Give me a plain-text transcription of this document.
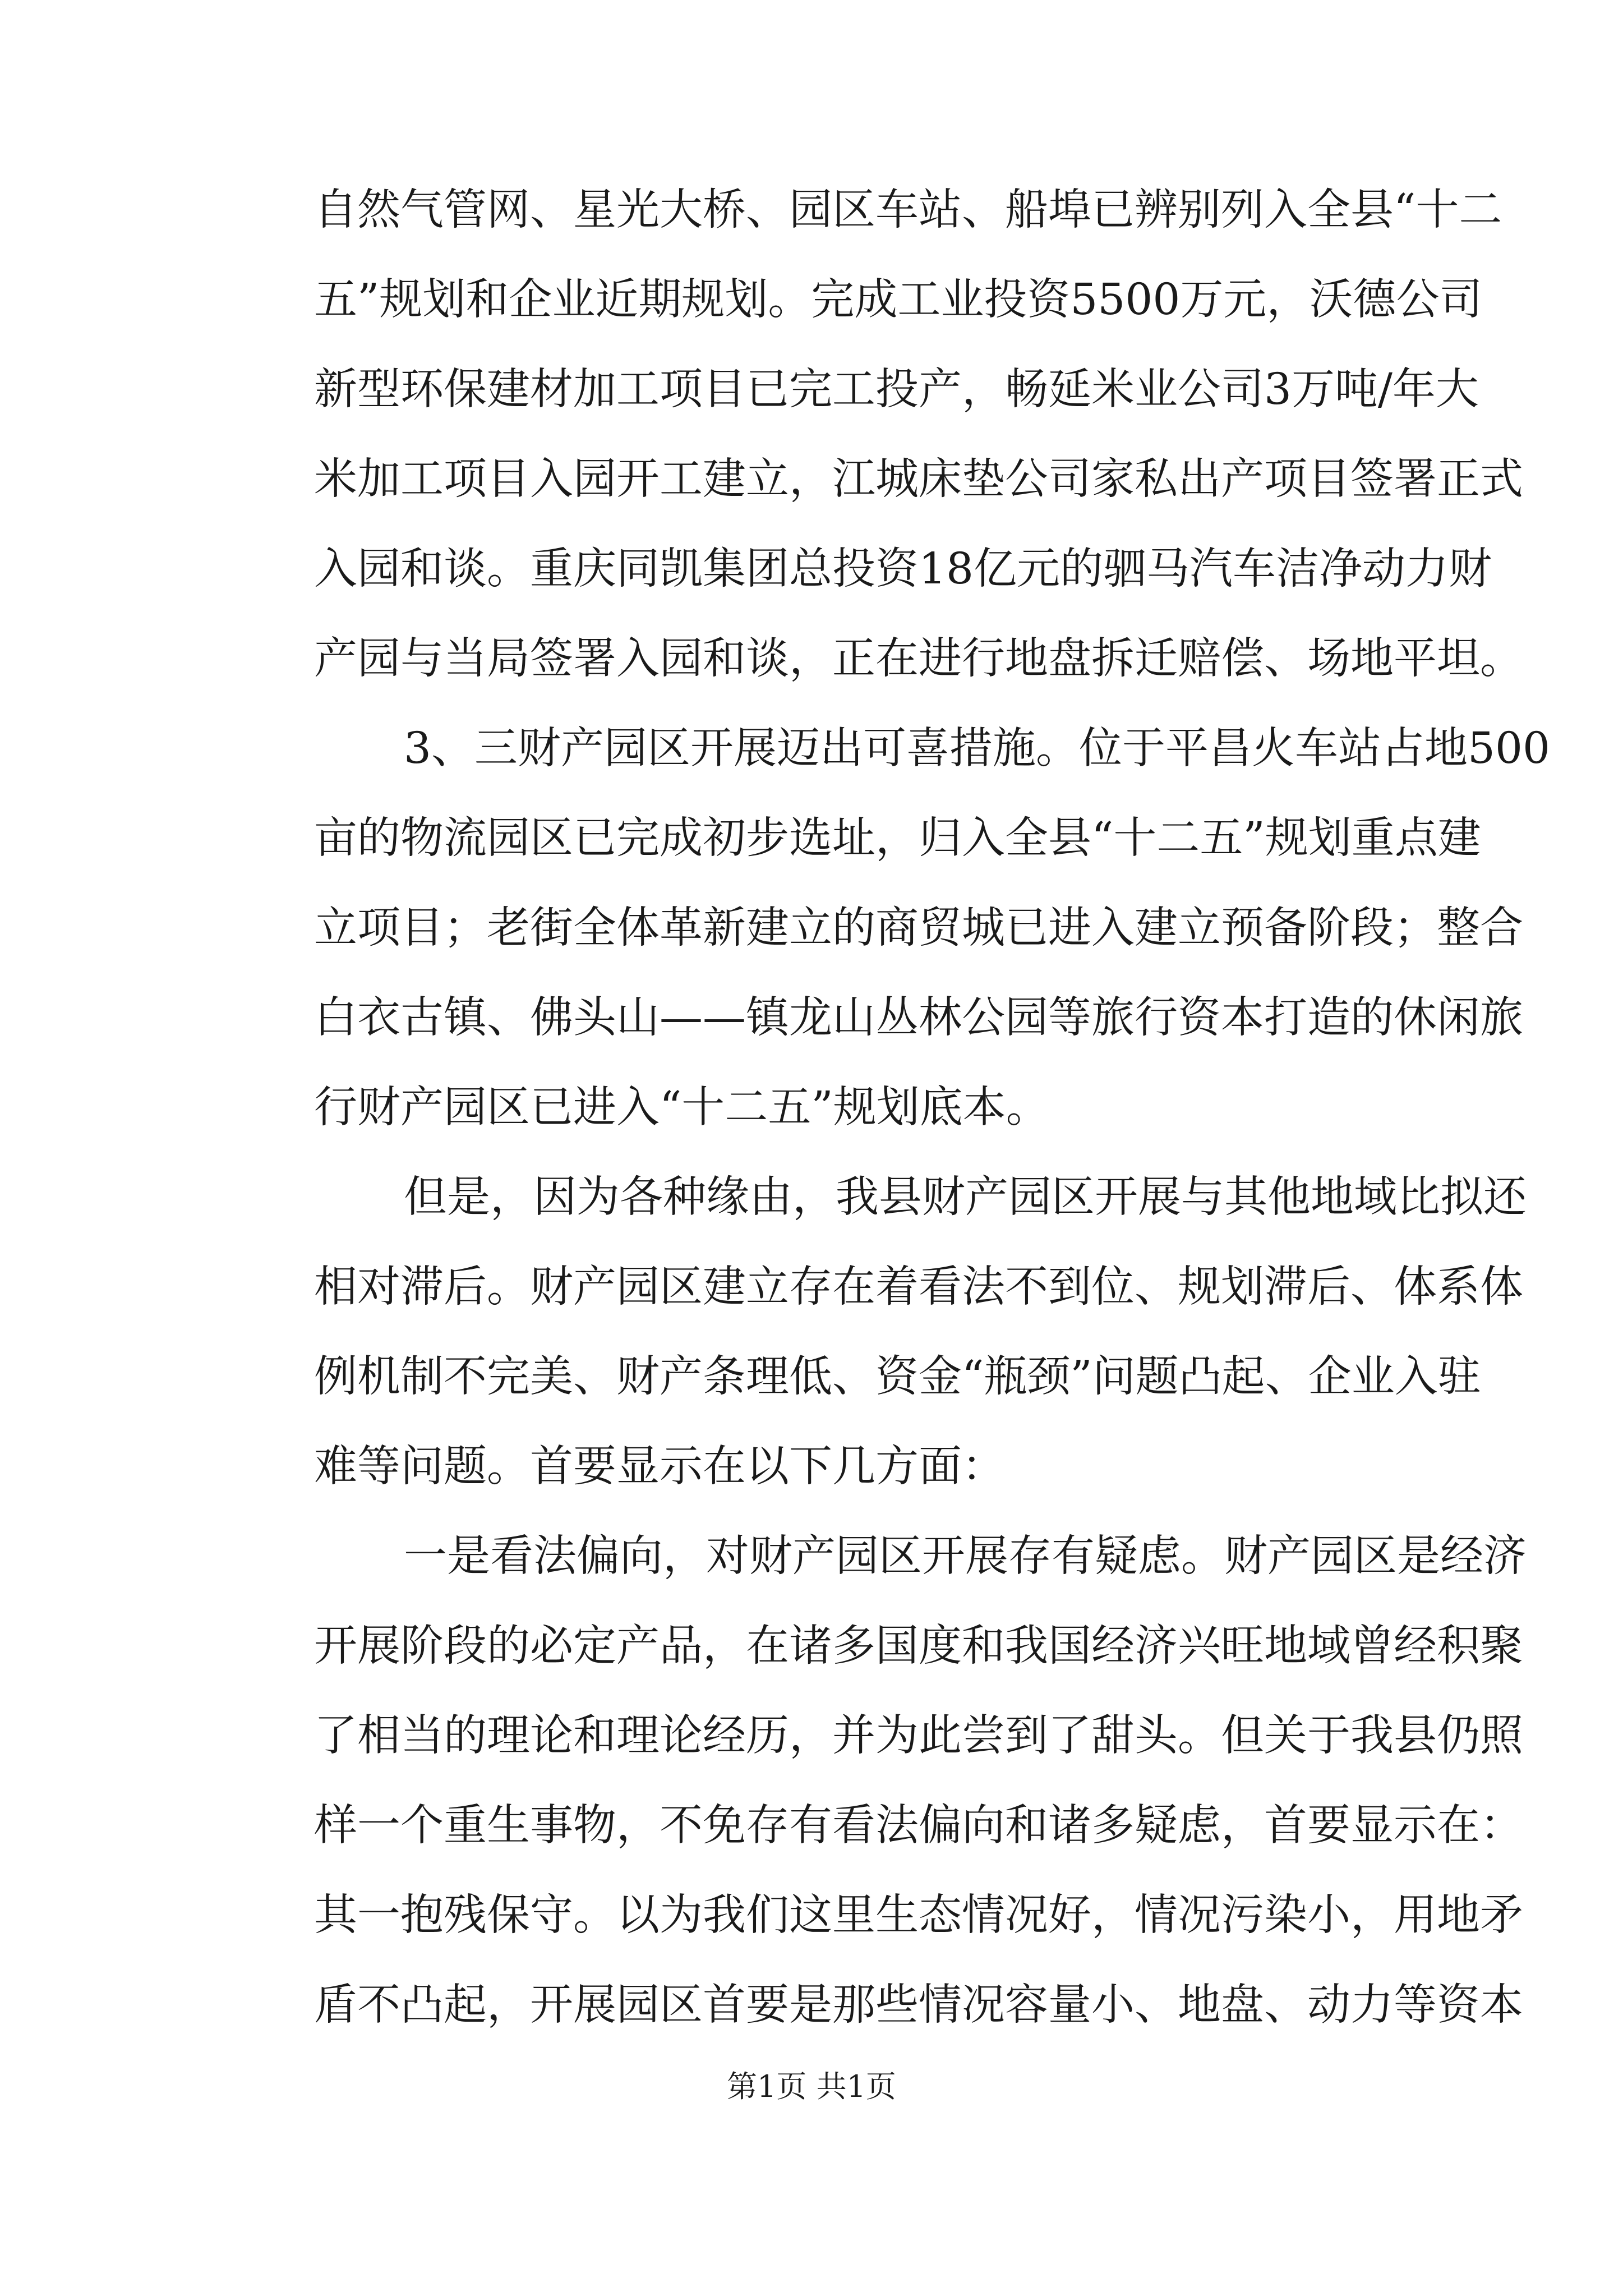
自然气管网、星光大桥、园区车站、船埠已辨别列入全县“十二
五”规划和企业近期规划。完成工业投资5500万元，沃德公司
新型环保建材加工项目已完工投产，畅延米业公司3万吨/年大
米加工项目入园开工建立，江城床垫公司家私出产项目签署正式
入园和谈。重庆同凯集团总投资18亿元的驷马汽车洁净动力财
产园与当局签署入园和谈，正在进行地盘拆迁赔偿、场地平坦。
3、三财产园区开展迈出可喜措施。位于平昌火车站占地500
亩的物流园区已完成初步选址，归入全县“十二五”规划重点建
立项目；老街全体革新建立的商贸城已进入建立预备阶段；整合
白衣古镇、佛头山——镇龙山丛林公园等旅行资本打造的休闲旅
行财产园区已进入“十二五”规划底本。
但是，因为各种缘由，我县财产园区开展与其他地域比拟还
相对滞后。财产园区建立存在着看法不到位、规划滞后、体系体
例机制不完美、财产条理低、资金“瓶颈”问题凸起、企业入驻
难等问题。首要显示在以下几方面：
一是看法偏向，对财产园区开展存有疑虑。财产园区是经济
开展阶段的必定产品，在诸多国度和我国经济兴旺地域曾经积聚
了相当的理论和理论经历，并为此尝到了甜头。但关于我县仍照
样一个重生事物，不免存有看法偏向和诸多疑虑，首要显示在：
其一抱残保守。以为我们这里生态情况好，情况污染小，用地矛
盾不凸起，开展园区首要是那些情况容量小、地盘、动力等资本
第1页 共1页
